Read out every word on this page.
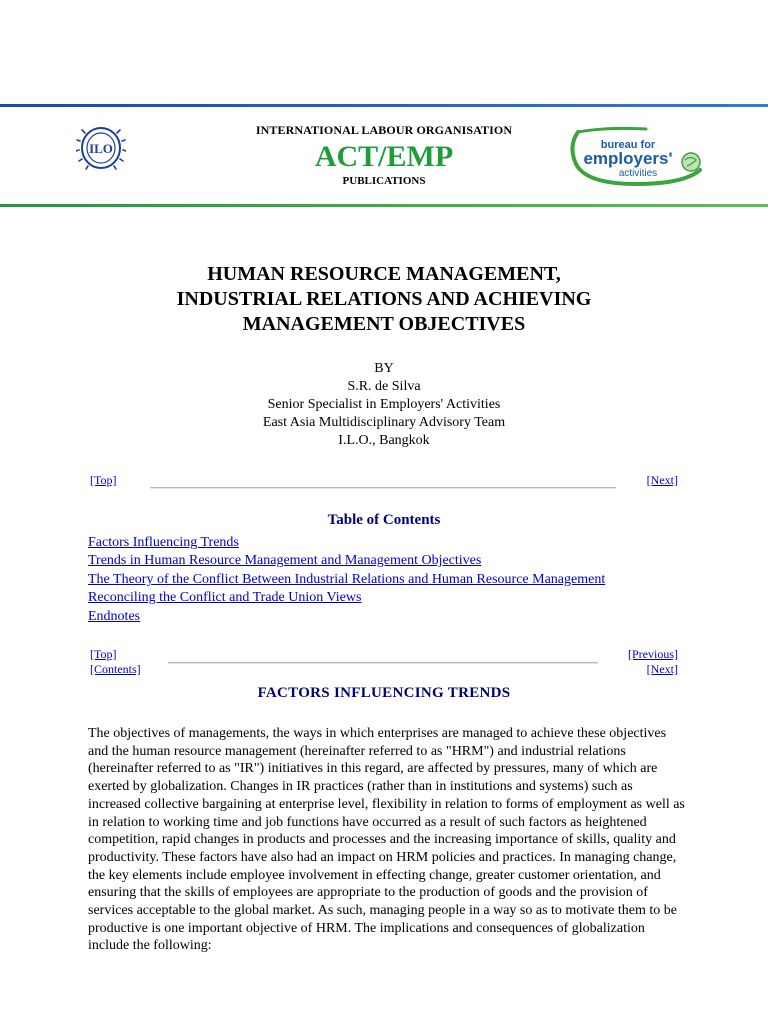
ILO
INTERNATIONAL LABOUR ORGANISATION
ACT/EMP
PUBLICATIONS
bureau for
employers'
activities
HUMAN RESOURCE MANAGEMENT,
INDUSTRIAL RELATIONS AND ACHIEVING
MANAGEMENT OBJECTIVES
BY
S.R. de Silva
Senior Specialist in Employers' Activities
East Asia Multidisciplinary Advisory Team
I.L.O., Bangkok
[Top]	[Next]
Table of Contents
Factors Influencing Trends
Trends in Human Resource Management and Management Objectives
The Theory of the Conflict Between Industrial Relations and Human Resource Management
Reconciling the Conflict and Trade Union Views
Endnotes
[Top]
[Contents]
[Previous]
[Next]
FACTORS INFLUENCING TRENDS
The objectives of managements, the ways in which enterprises are managed to achieve these objectives and the human resource management (hereinafter referred to as "HRM") and industrial relations (hereinafter referred to as "IR") initiatives in this regard, are affected by pressures, many of which are exerted by globalization. Changes in IR practices (rather than in institutions and systems) such as increased collective bargaining at enterprise level, flexibility in relation to forms of employment as well as in relation to working time and job functions have occurred as a result of such factors as heightened competition, rapid changes in products and processes and the increasing importance of skills, quality and productivity. These factors have also had an impact on HRM policies and practices. In managing change, the key elements include employee involvement in effecting change, greater customer orientation, and ensuring that the skills of employees are appropriate to the production of goods and the provision of services acceptable to the global market. As such, managing people in a way so as to motivate them to be productive is one important objective of HRM. The implications and consequences of globalization include the following:
